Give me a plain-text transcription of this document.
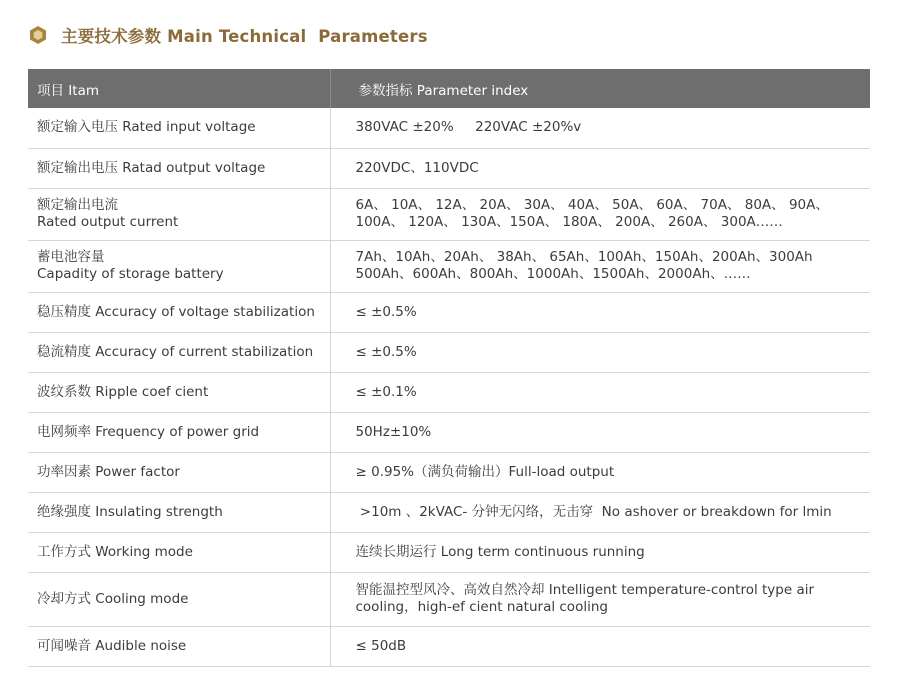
主要技术参数 Main Technical  Parameters
项目 Itam	参数指标 Parameter index

额定输入电压 Rated input voltage	380VAC ±20%     220VAC ±20%v

额定输出电压 Ratad output voltage	220VDC、110VDC

额定输出电流
Rated output current	6A、 10A、 12A、 20A、 30A、 40A、 50A、 60A、 70A、 80A、 90A、
100A、 120A、 130A、150A、 180A、 200A、 260A、 300A……

蓄电池容量
Capadity of storage battery	7Ah、10Ah、20Ah、 38Ah、 65Ah、100Ah、150Ah、200Ah、300Ah
500Ah、600Ah、800Ah、1000Ah、1500Ah、2000Ah、……

稳压精度 Accuracy of voltage stabilization	≤ ±0.5%

稳流精度 Accuracy of current stabilization	≤ ±0.5%

波纹系数 Ripple coef cient	≤ ±0.1%

电网频率 Frequency of power grid	50Hz±10%

功率因素 Power factor	≥ 0.95%（满负荷输出）Full-load output

绝缘强度 Insulating strength	>10m 、2kVAC- 分钟无闪络，无击穿  No ashover or breakdown for lmin

工作方式 Working mode	连续长期运行 Long term continuous running

冷却方式 Cooling mode	智能温控型风冷、高效自然冷却 Intelligent temperature-control type air
cooling，high-ef cient natural cooling

可闻噪音 Audible noise	≤ 50dB
